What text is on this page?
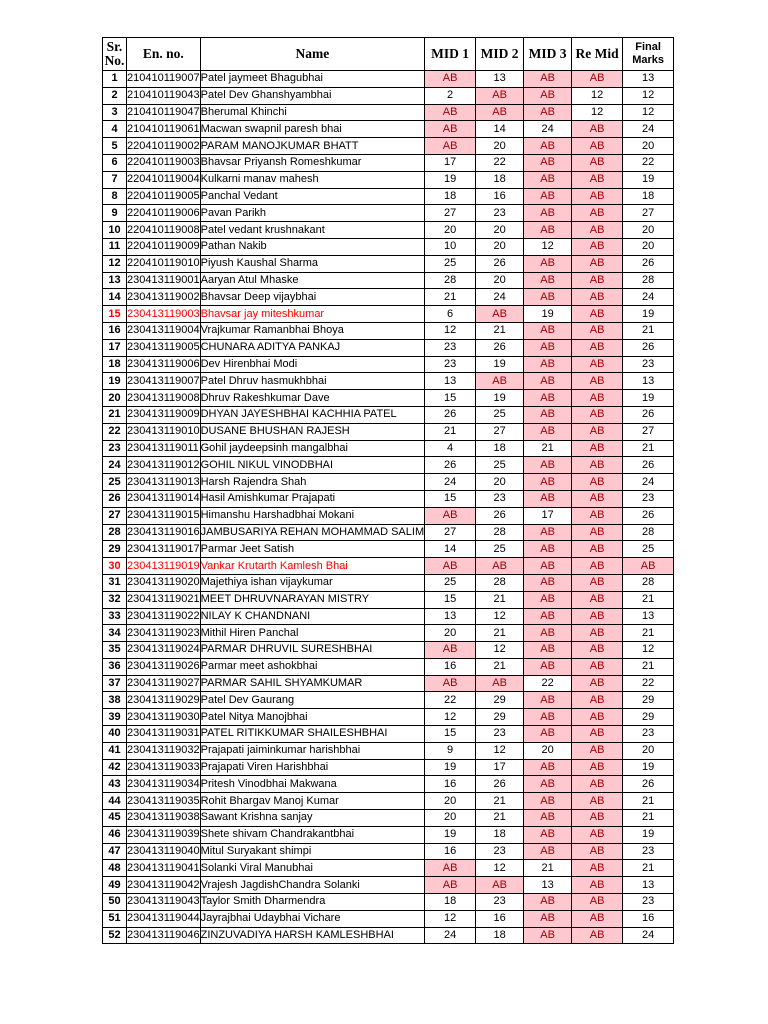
Sr.
No.	En. no.	Name	MID 1	MID 2	MID 3	Re Mid	Final
Marks

1	210410119007	Patel jaymeet Bhagubhai	AB	13	AB	AB	13
2	210410119043	Patel Dev Ghanshyambhai	2	AB	AB	12	12
3	210410119047	Bherumal Khinchi	AB	AB	AB	12	12
4	210410119061	Macwan swapnil paresh bhai	AB	14	24	AB	24
5	220410119002	PARAM MANOJKUMAR BHATT	AB	20	AB	AB	20
6	220410119003	Bhavsar Priyansh Romeshkumar	17	22	AB	AB	22
7	220410119004	Kulkarni manav mahesh	19	18	AB	AB	19
8	220410119005	Panchal Vedant	18	16	AB	AB	18
9	220410119006	Pavan Parikh	27	23	AB	AB	27
10	220410119008	Patel vedant krushnakant	20	20	AB	AB	20
11	220410119009	Pathan Nakib	10	20	12	AB	20
12	220410119010	Piyush Kaushal Sharma	25	26	AB	AB	26
13	230413119001	Aaryan Atul Mhaske	28	20	AB	AB	28
14	230413119002	Bhavsar Deep vijaybhai	21	24	AB	AB	24
15	230413119003	Bhavsar jay miteshkumar	6	AB	19	AB	19
16	230413119004	Vrajkumar Ramanbhai Bhoya	12	21	AB	AB	21
17	230413119005	CHUNARA ADITYA PANKAJ	23	26	AB	AB	26
18	230413119006	Dev Hirenbhai Modi	23	19	AB	AB	23
19	230413119007	Patel Dhruv hasmukhbhai	13	AB	AB	AB	13
20	230413119008	Dhruv Rakeshkumar Dave	15	19	AB	AB	19
21	230413119009	DHYAN JAYESHBHAI KACHHIA PATEL	26	25	AB	AB	26
22	230413119010	DUSANE BHUSHAN RAJESH	21	27	AB	AB	27
23	230413119011	Gohil jaydeepsinh mangalbhai	4	18	21	AB	21
24	230413119012	GOHIL NIKUL VINODBHAI	26	25	AB	AB	26
25	230413119013	Harsh Rajendra Shah	24	20	AB	AB	24
26	230413119014	Hasil Amishkumar Prajapati	15	23	AB	AB	23
27	230413119015	Himanshu Harshadbhai Mokani	AB	26	17	AB	26
28	230413119016	JAMBUSARIYA REHAN MOHAMMAD SALIM	27	28	AB	AB	28
29	230413119017	Parmar Jeet Satish	14	25	AB	AB	25
30	230413119019	Vankar Krutarth Kamlesh Bhai	AB	AB	AB	AB	AB
31	230413119020	Majethiya ishan vijaykumar	25	28	AB	AB	28
32	230413119021	MEET DHRUVNARAYAN MISTRY	15	21	AB	AB	21
33	230413119022	NILAY K CHANDNANI	13	12	AB	AB	13
34	230413119023	Mithil Hiren Panchal	20	21	AB	AB	21
35	230413119024	PARMAR DHRUVIL SURESHBHAI	AB	12	AB	AB	12
36	230413119026	Parmar meet ashokbhai	16	21	AB	AB	21
37	230413119027	PARMAR SAHIL SHYAMKUMAR	AB	AB	22	AB	22
38	230413119029	Patel Dev Gaurang	22	29	AB	AB	29
39	230413119030	Patel Nitya Manojbhai	12	29	AB	AB	29
40	230413119031	PATEL RITIKKUMAR SHAILESHBHAI	15	23	AB	AB	23
41	230413119032	Prajapati jaiminkumar harishbhai	9	12	20	AB	20
42	230413119033	Prajapati Viren Harishbhai	19	17	AB	AB	19
43	230413119034	Pritesh Vinodbhai Makwana	16	26	AB	AB	26
44	230413119035	Rohit Bhargav Manoj Kumar	20	21	AB	AB	21
45	230413119038	Sawant Krishna sanjay	20	21	AB	AB	21
46	230413119039	Shete shivam Chandrakantbhai	19	18	AB	AB	19
47	230413119040	Mitul Suryakant shimpi	16	23	AB	AB	23
48	230413119041	Solanki Viral Manubhai	AB	12	21	AB	21
49	230413119042	Vrajesh JagdishChandra Solanki	AB	AB	13	AB	13
50	230413119043	Taylor Smith Dharmendra	18	23	AB	AB	23
51	230413119044	Jayrajbhai Udaybhai Vichare	12	16	AB	AB	16
52	230413119046	ZINZUVADIYA HARSH KAMLESHBHAI	24	18	AB	AB	24
